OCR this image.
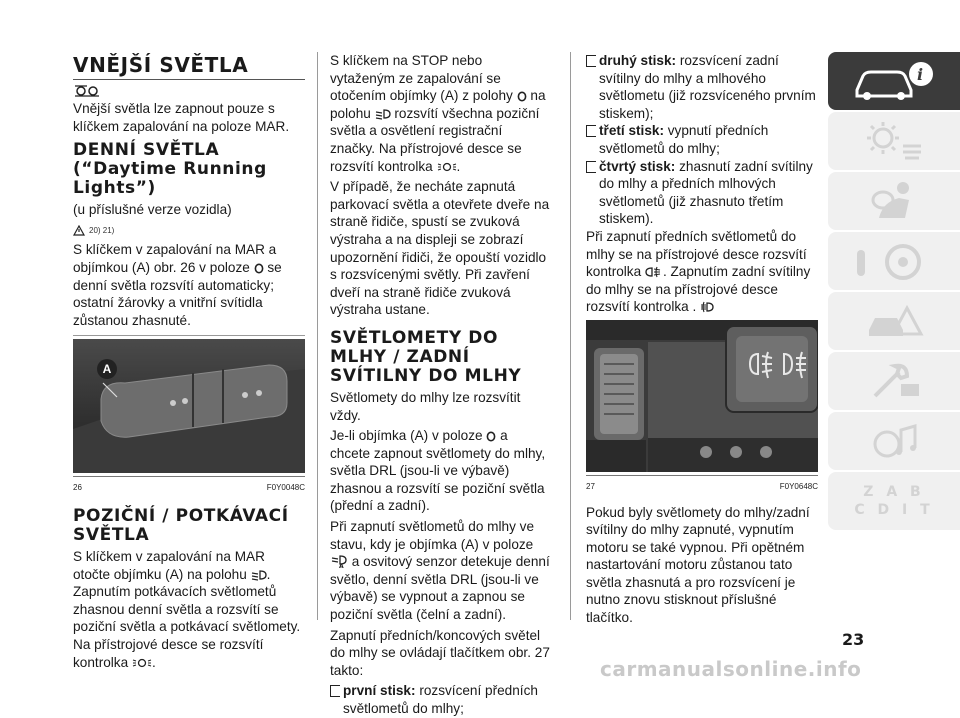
VNĚJŠÍ SVĚTLA

Vnější světla lze zapnout pouze s klíčkem zapalování na poloze MAR.

DENNÍ SVĚTLA
(“Daytime Running Lights”)

(u příslušné verze vozidla)

20) 21)

S klíčkem v zapalování na MAR a objímkou (A) obr. 26 v poloze se denní světla rozsvítí automaticky; ostatní žárovky a vnitřní svítidla zůstanou zhasnuté.

A
26	F0Y0048C
POZIČNÍ / POTKÁVACÍ SVĚTLA

S klíčkem v zapalování na MAR otočte objímku (A) na polohu . Zapnutím potkávacích světlometů zhasnou denní světla a rozsvítí se poziční světla a potkávací světlomety. Na přístrojové desce se rozsvítí kontrolka .

S klíčkem na STOP nebo vytaženým ze zapalování se otočením objímky (A) z polohy na polohu rozsvítí všechna poziční světla a osvětlení registrační značky. Na přístrojové desce se rozsvítí kontrolka .

V případě, že necháte zapnutá parkovací světla a otevřete dveře na straně řidiče, spustí se zvuková výstraha a na displeji se zobrazí upozornění řidiči, že opouští vozidlo s rozsvícenými světly. Při zavření dveří na straně řidiče zvuková výstraha ustane.

SVĚTLOMETY DO MLHY / ZADNÍ SVÍTILNY DO MLHY

Světlomety do mlhy lze rozsvítit vždy.

Je-li objímka (A) v poloze a chcete zapnout světlomety do mlhy, světla DRL (jsou-li ve výbavě) zhasnou a rozsvítí se poziční světla (přední a zadní).

Při zapnutí světlometů do mlhy ve stavu, kdy je objímka (A) v poloze
A a osvitový senzor detekuje denní světlo, denní světla DRL (jsou-li ve výbavě) se vypnout a zapnou se poziční světla (čelní a zadní).

Zapnutí předních/koncových světel do mlhy se ovládají tlačítkem obr. 27 takto:

první stisk: rozsvícení předních světlometů do mlhy;
druhý stisk: rozsvícení zadní svítilny do mlhy a mlhového světlometu (již rozsvíceného prvním stiskem);
třetí stisk: vypnutí předních světlometů do mlhy;
čtvrtý stisk: zhasnutí zadní svítilny do mlhy a předních mlhových světlometů (již zhasnuto třetím stiskem).

Při zapnutí předních světlometů do mlhy se na přístrojové desce rozsvítí kontrolka . Zapnutím zadní svítilny do mlhy se na přístrojové desce rozsvítí kontrolka .

27	F0Y0648C

Pokud byly světlomety do mlhy/zadní svítilny do mlhy zapnuté, vypnutím motoru se také vypnou. Při opětném nastartování motoru zůstanou tato světla zhasnutá a pro rozsvícení je nutno znovu stisknout příslušné tlačítko.

i
Z A B C D I T
23
carmanualsonline.info
